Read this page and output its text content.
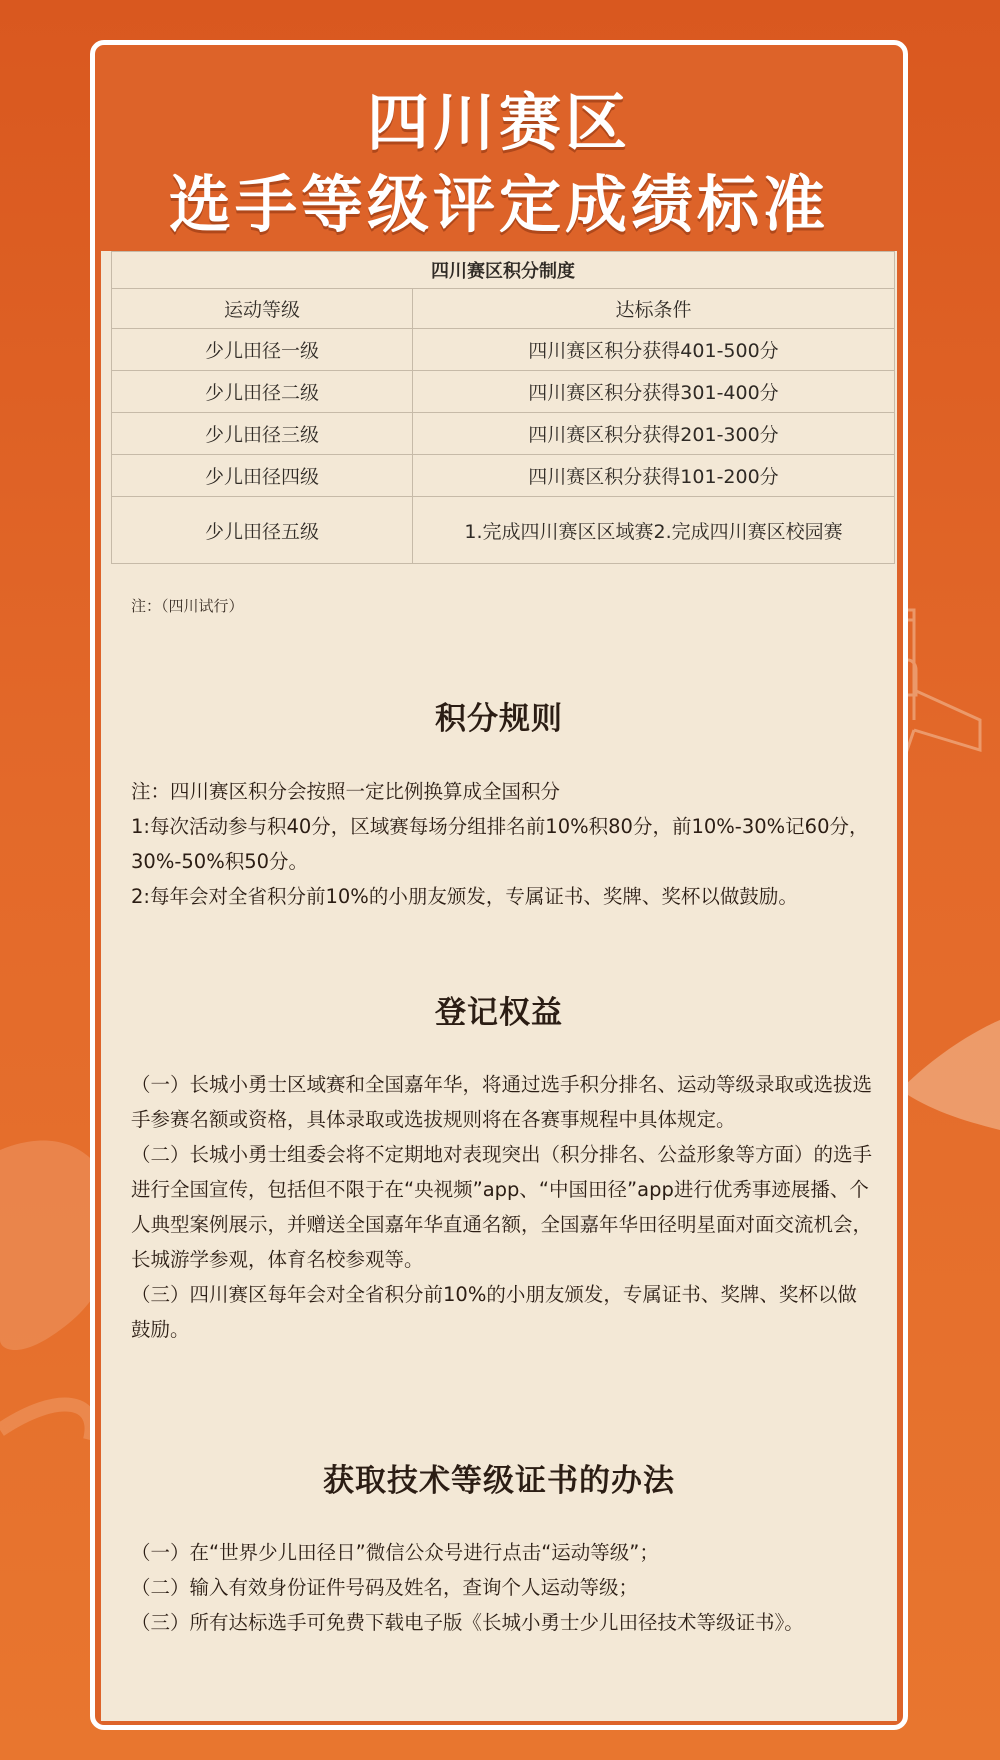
四川赛区
选手等级评定成绩标准
四川赛区积分制度	
运动等级	达标条件
少儿田径一级	四川赛区积分获得401-500分
少儿田径二级	四川赛区积分获得301-400分
少儿田径三级	四川赛区积分获得201-300分
少儿田径四级	四川赛区积分获得101-200分
少儿田径五级	1.完成四川赛区区域赛2.完成四川赛区校园赛
注：（四川试行）
积分规则

注：四川赛区积分会按照一定比例换算成全国积分

1:每次活动参与积40分，区域赛每场分组排名前10%积80分，前10%-30%记60分，30%-50%积50分。

2:每年会对全省积分前10%的小朋友颁发，专属证书、奖牌、奖杯以做鼓励。

登记权益

（一）长城小勇士区域赛和全国嘉年华，将通过选手积分排名、运动等级录取或选拔选手参赛名额或资格，具体录取或选拔规则将在各赛事规程中具体规定。

（二）长城小勇士组委会将不定期地对表现突出（积分排名、公益形象等方面）的选手进行全国宣传，包括但不限于在“央视频”app、“中国田径”app进行优秀事迹展播、个人典型案例展示，并赠送全国嘉年华直通名额，全国嘉年华田径明星面对面交流机会，长城游学参观，体育名校参观等。

（三）四川赛区每年会对全省积分前10%的小朋友颁发，专属证书、奖牌、奖杯以做鼓励。

获取技术等级证书的办法

（一）在“世界少儿田径日”微信公众号进行点击“运动等级”；

（二）输入有效身份证件号码及姓名，查询个人运动等级；

（三）所有达标选手可免费下载电子版《长城小勇士少儿田径技术等级证书》。
